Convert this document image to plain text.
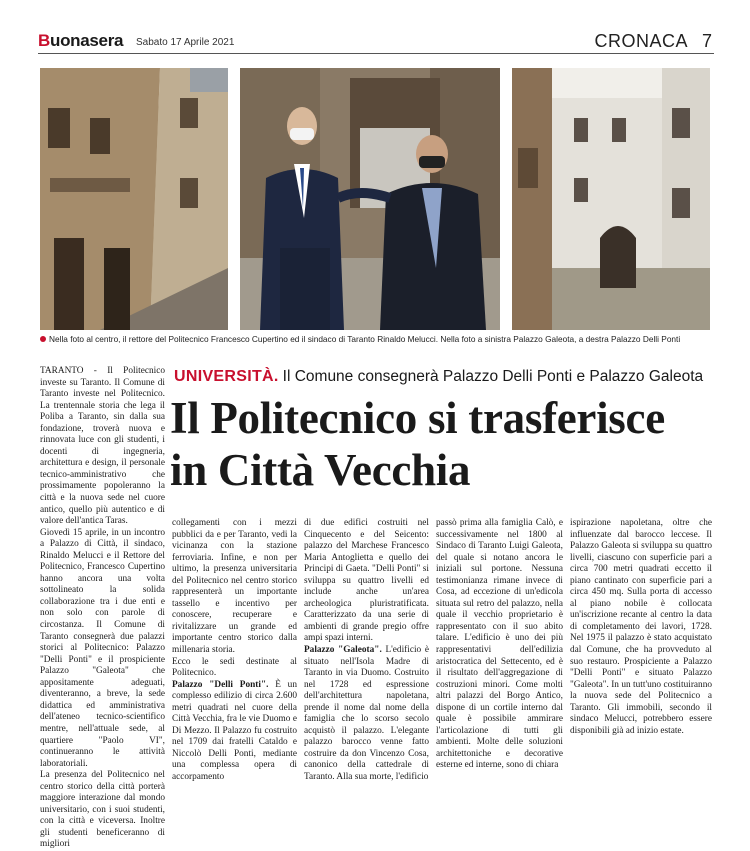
Buonasera Sabato 17 Aprile 2021	CRONACA 7
Nella foto al centro, il rettore del Politecnico Francesco Cupertino ed il sindaco di Taranto Rinaldo Melucci. Nella foto a sinistra Palazzo Galeota, a destra Palazzo Delli Ponti
UNIVERSITÀ. Il Comune consegnerà Palazzo Delli Ponti e Palazzo Galeota
Il Politecnico si trasferisce
in Città Vecchia

TARANTO - Il Politecnico investe su Taranto. Il Comune di Taranto investe nel Politecnico. La trentennale storia che lega il Poliba a Taranto, sin dalla sua fondazione, troverà nuova e rinnovata luce con gli studenti, i docenti di ingegneria, architettura e design, il personale tecnico-amministrativo che prossimamente popoleranno la città e la nuova sede nel cuore antico, quello più autentico e di valore dell'antica Taras.

Giovedì 15 aprile, in un incontro a Palazzo di Città, il sindaco, Rinaldo Melucci e il Rettore del Politecnico, Francesco Cupertino hanno ancora una volta sottolineato la solida collaborazione tra i due enti e non solo con parole di circostanza. Il Comune di Taranto consegnerà due palazzi storici al Politecnico: Palazzo "Delli Ponti" e il prospiciente Palazzo "Galeota" che appositamente adeguati, diventeranno, a breve, la sede didattica ed amministrativa dell'ateneo tecnico-scientifico mentre, nell'attuale sede, al quartiere "Paolo VI", continueranno le attività laboratoriali.

La presenza del Politecnico nel centro storico della città porterà maggiore interazione dal mondo universitario, con i suoi studenti, con la città e viceversa. Inoltre gli studenti beneficeranno di migliori

collegamenti con i mezzi pubblici da e per Taranto, vedi la vicinanza con la stazione ferroviaria. Infine, e non per ultimo, la presenza universitaria del Politecnico nel centro storico rappresenterà un importante tassello e incentivo per conoscere, recuperare e rivitalizzare un grande ed importante centro storico dalla millenaria storia.

Ecco le sedi destinate al Politecnico.

Palazzo "Delli Ponti". È un complesso edilizio di circa 2.600 metri quadrati nel cuore della Città Vecchia, fra le vie Duomo e Di Mezzo. Il Palazzo fu costruito nel 1709 dai fratelli Cataldo e Niccolò Delli Ponti, mediante una complessa opera di accorpamento

di due edifici costruiti nel Cinquecento e del Seicento: palazzo del Marchese Francesco Maria Antoglietta e quello dei Principi di Gaeta. "Delli Ponti" si sviluppa su quattro livelli ed include anche un'area archeologica pluristratificata. Caratterizzato da una serie di ambienti di grande pregio offre ampi spazi interni.

Palazzo "Galeota". L'edificio è situato nell'Isola Madre di Taranto in via Duomo. Costruito nel 1728 ed espressione dell'architettura napoletana, prende il nome dal nome della famiglia che lo scorso secolo acquistò il palazzo. L'elegante palazzo barocco venne fatto costruire da don Vincenzo Cosa, canonico della cattedrale di Taranto. Alla sua morte, l'edificio

passò prima alla famiglia Calò, e successivamente nel 1800 al Sindaco di Taranto Luigi Galeota, del quale si notano ancora le iniziali sul portone. Nessuna testimonianza rimane invece di Cosa, ad eccezione di un'edicola situata sul retro del palazzo, nella quale il vecchio proprietario è rappresentato con il suo abito talare. L'edificio è uno dei più rappresentativi dell'edilizia aristocratica del Settecento, ed è il risultato dell'aggregazione di costruzioni minori. Come molti altri palazzi del Borgo Antico, dispone di un cortile interno dal quale è possibile ammirare l'articolazione di tutti gli ambienti. Molte delle soluzioni architettoniche e decorative esterne ed interne, sono di chiara

ispirazione napoletana, oltre che influenzate dal barocco leccese. Il Palazzo Galeota si sviluppa su quattro livelli, ciascuno con superficie pari a circa 700 metri quadrati eccetto il piano cantinato con superficie pari a circa 450 mq. Sulla porta di accesso al piano nobile è collocata un'iscrizione recante al centro la data di completamento dei lavori, 1728. Nel 1975 il palazzo è stato acquistato dal Comune, che ha provveduto al suo restauro. Prospiciente a Palazzo "Delli Ponti" e situato Palazzo "Galeota". In un tutt'uno costituiranno la nuova sede del Politecnico a Taranto. Gli immobili, secondo il sindaco Melucci, potrebbero essere disponibili già ad inizio estate.
